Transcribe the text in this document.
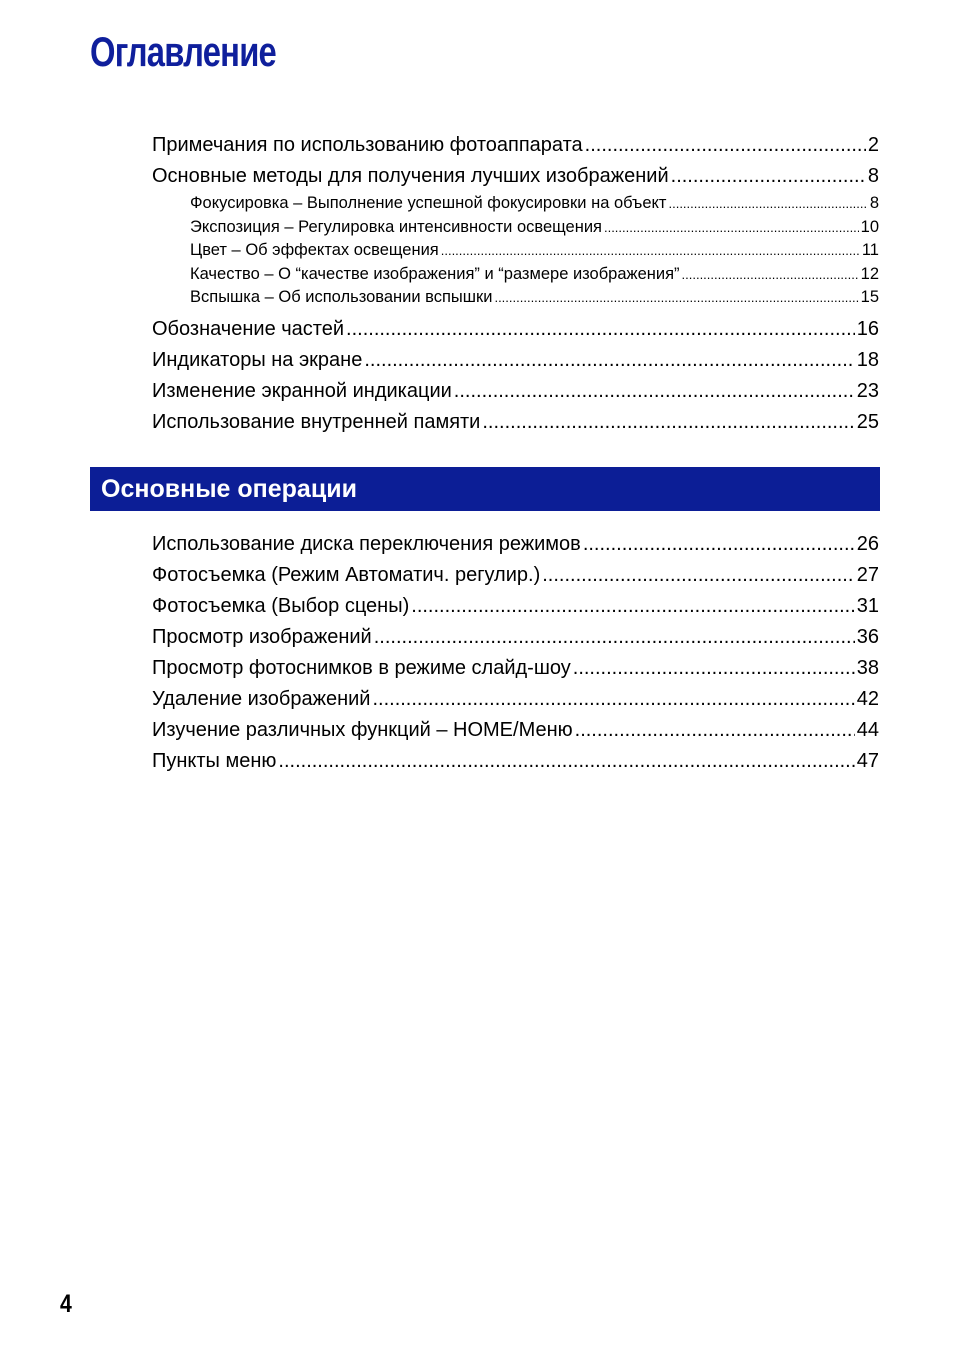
Оглавление
Примечания по использованию фотоаппарата .....	2
Основные методы для получения лучших изображений .....	8
Фокусировка – Выполнение успешной фокусировки на объект .....	8
Экспозиция – Регулировка интенсивности освещения .....	10
Цвет – Об эффектах освещения .....	11
Качество – О “качестве изображения” и “размере изображения” .....	12
Вспышка – Об использовании вспышки .....	15
Обозначение частей .....	16
Индикаторы на экране .....	18
Изменение экранной индикации .....	23
Использование внутренней памяти .....	25
Основные операции
Использование диска переключения режимов .....	26
Фотосъемка (Режим Автоматич. регулир.) .....	27
Фотосъемка (Выбор сцены) .....	31
Просмотр изображений .....	36
Просмотр фотоснимков в режиме слайд-шоу .....	38
Удаление изображений .....	42
Изучение различных функций – HOME/Меню .....	44
Пункты меню .....	47
4
